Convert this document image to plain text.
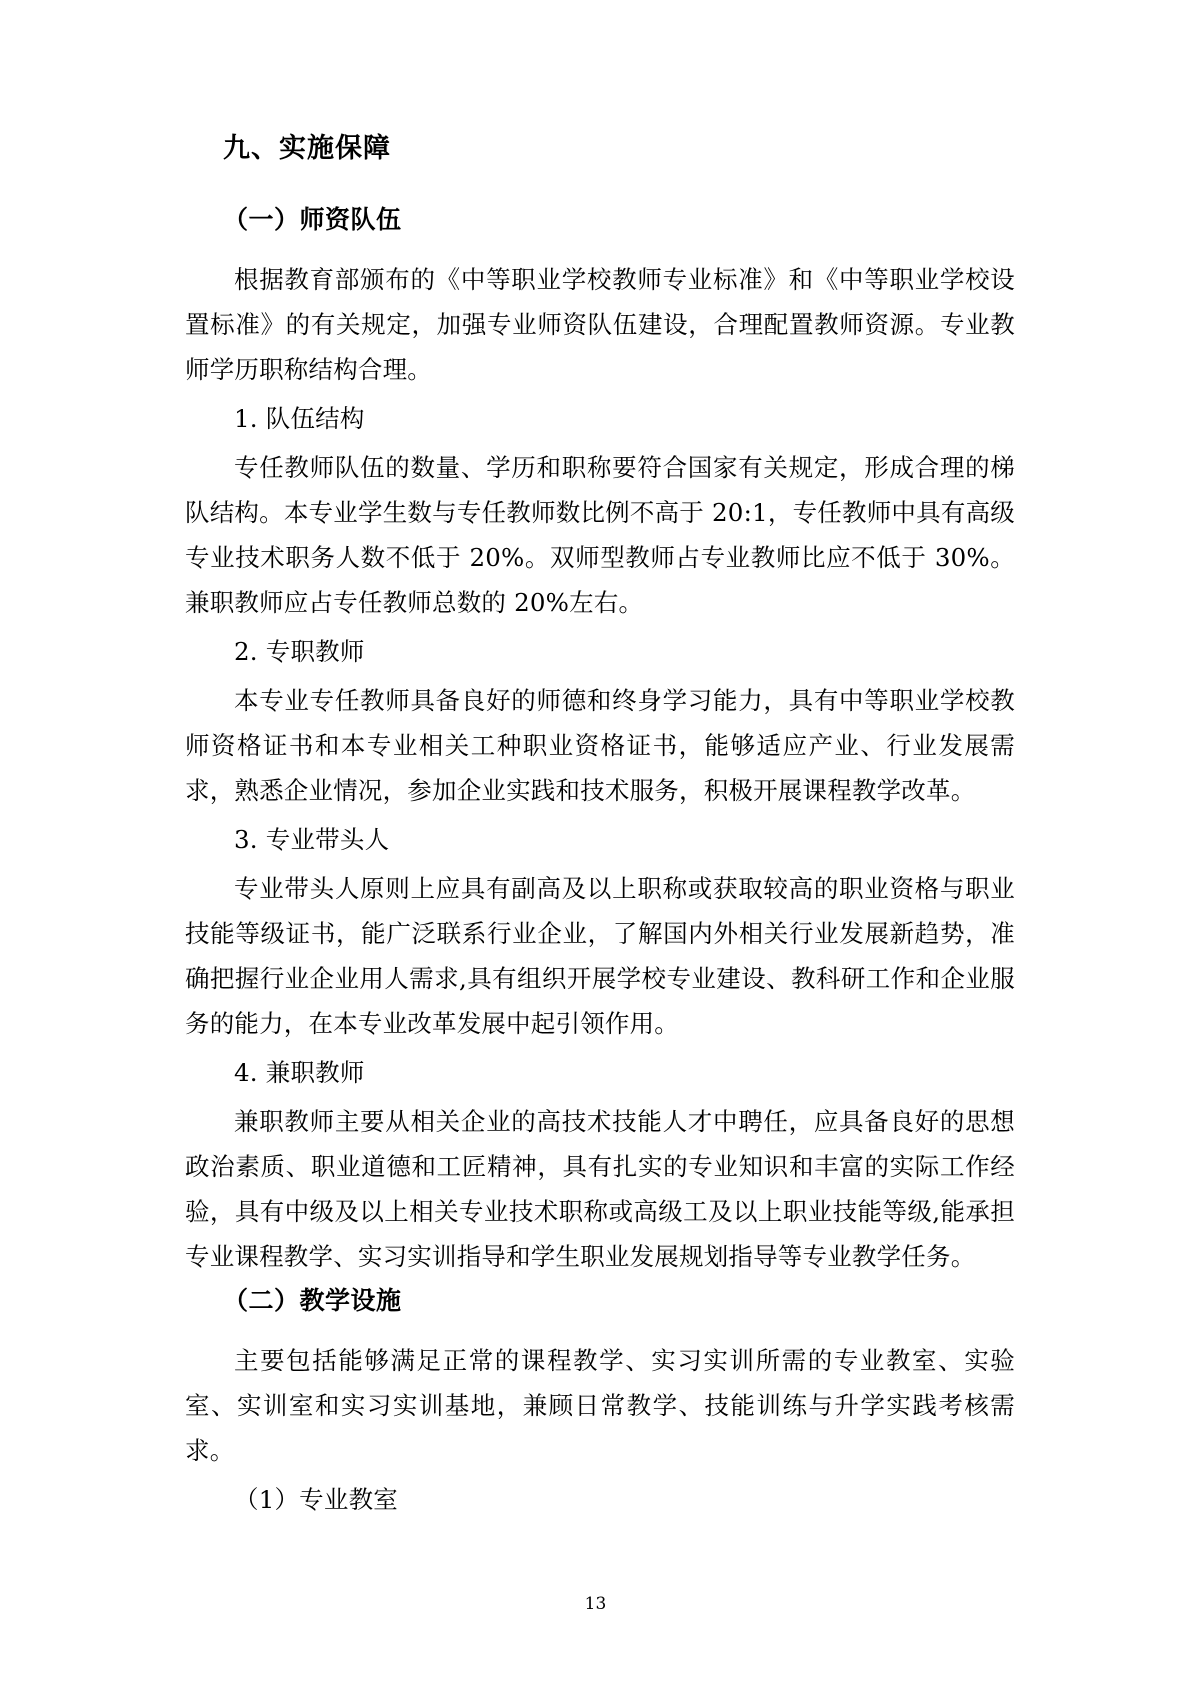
九、实施保障
（一）师资队伍

根据教育部颁布的《中等职业学校教师专业标准》和《中等职业学校设置标准》的有关规定，加强专业师资队伍建设，合理配置教师资源。专业教师学历职称结构合理。

1. 队伍结构

专任教师队伍的数量、学历和职称要符合国家有关规定，形成合理的梯队结构。本专业学生数与专任教师数比例不高于 20:1，专任教师中具有高级专业技术职务人数不低于 20%。双师型教师占专业教师比应不低于 30%。兼职教师应占专任教师总数的 20%左右。

2. 专职教师

本专业专任教师具备良好的师德和终身学习能力，具有中等职业学校教师资格证书和本专业相关工种职业资格证书，能够适应产业、行业发展需求，熟悉企业情况，参加企业实践和技术服务，积极开展课程教学改革。

3. 专业带头人

专业带头人原则上应具有副高及以上职称或获取较高的职业资格与职业技能等级证书，能广泛联系行业企业，了解国内外相关行业发展新趋势，准确把握行业企业用人需求,具有组织开展学校专业建设、教科研工作和企业服务的能力，在本专业改革发展中起引领作用。

4. 兼职教师

兼职教师主要从相关企业的高技术技能人才中聘任，应具备良好的思想政治素质、职业道德和工匠精神，具有扎实的专业知识和丰富的实际工作经验，具有中级及以上相关专业技术职称或高级工及以上职业技能等级,能承担专业课程教学、实习实训指导和学生职业发展规划指导等专业教学任务。

（二）教学设施

主要包括能够满足正常的课程教学、实习实训所需的专业教室、实验室、实训室和实习实训基地，兼顾日常教学、技能训练与升学实践考核需求。

（1）专业教室

13
